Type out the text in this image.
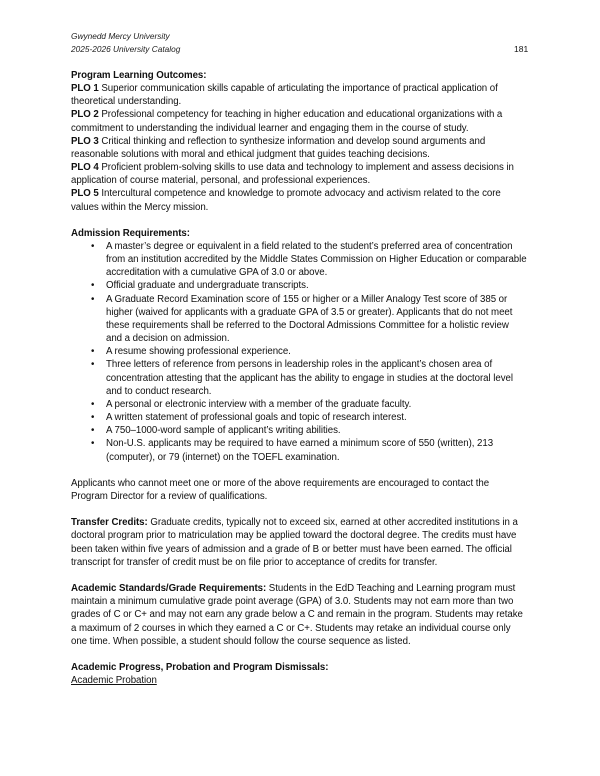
Gwynedd Mercy University
2025-2026 University Catalog	181

Program Learning Outcomes:

PLO 1 Superior communication skills capable of articulating the importance of practical application of theoretical understanding.

PLO 2 Professional competency for teaching in higher education and educational organizations with a commitment to understanding the individual learner and engaging them in the course of study.

PLO 3 Critical thinking and reflection to synthesize information and develop sound arguments and reasonable solutions with moral and ethical judgment that guides teaching decisions.

PLO 4 Proficient problem-solving skills to use data and technology to implement and assess decisions in application of course material, personal, and professional experiences.

PLO 5 Intercultural competence and knowledge to promote advocacy and activism related to the core values within the Mercy mission.

Admission Requirements:

• A master’s degree or equivalent in a field related to the student’s preferred area of concentration from an institution accredited by the Middle States Commission on Higher Education or comparable accreditation with a cumulative GPA of 3.0 or above.
• Official graduate and undergraduate transcripts.
• A Graduate Record Examination score of 155 or higher or a Miller Analogy Test score of 385 or higher (waived for applicants with a graduate GPA of 3.5 or greater). Applicants that do not meet these requirements shall be referred to the Doctoral Admissions Committee for a holistic review and a decision on admission.
• A resume showing professional experience.
• Three letters of reference from persons in leadership roles in the applicant’s chosen area of concentration attesting that the applicant has the ability to engage in studies at the doctoral level and to conduct research.
• A personal or electronic interview with a member of the graduate faculty.
• A written statement of professional goals and topic of research interest.
• A 750–1000-word sample of applicant’s writing abilities.
• Non-U.S. applicants may be required to have earned a minimum score of 550 (written), 213 (computer), or 79 (internet) on the TOEFL examination.

Applicants who cannot meet one or more of the above requirements are encouraged to contact the Program Director for a review of qualifications.

Transfer Credits: Graduate credits, typically not to exceed six, earned at other accredited institutions in a doctoral program prior to matriculation may be applied toward the doctoral degree. The credits must have been taken within five years of admission and a grade of B or better must have been earned. The official transcript for transfer of credit must be on file prior to acceptance of credits for transfer.

Academic Standards/Grade Requirements: Students in the EdD Teaching and Learning program must maintain a minimum cumulative grade point average (GPA) of 3.0. Students may not earn more than two grades of C or C+ and may not earn any grade below a C and remain in the program. Students may retake a maximum of 2 courses in which they earned a C or C+. Students may retake an individual course only one time. When possible, a student should follow the course sequence as listed.

Academic Progress, Probation and Program Dismissals:

Academic Probation
